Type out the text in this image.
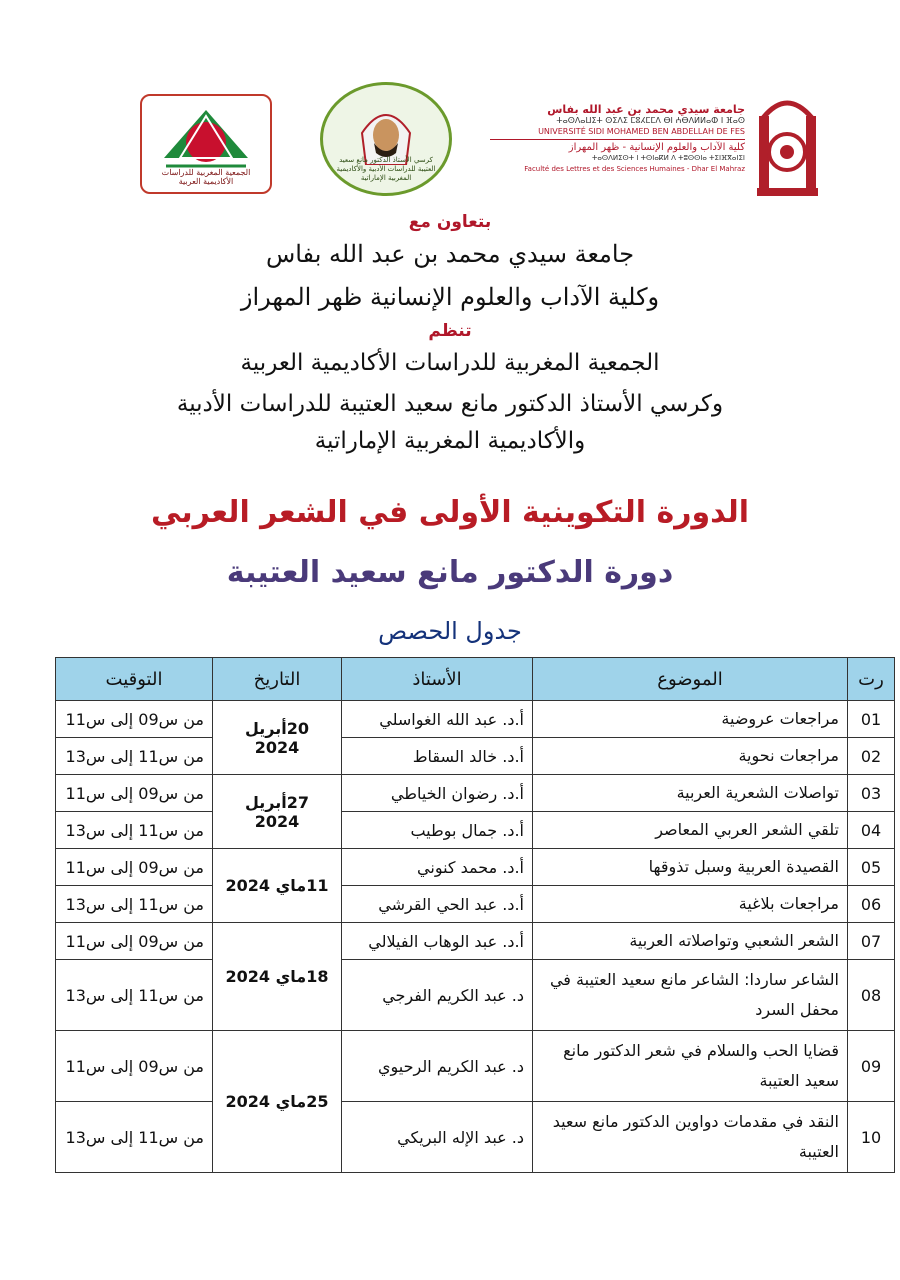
الجمعية المغربية للدراسات الأكاديمية العربية
كرسي الأستاذ الدكتور مانع سعيد العتيبة للدراسات الأدبية والأكاديمية المغربية الإماراتية
جامعة سيدي محمد بن عبد الله بفاس
ⵜⴰⵙⴷⴰⵡⵉⵜ ⵙⵉⴷⵉ ⵎⵓⵃⵎⵎⴷ ⴱⵏ ⵄⴱⴷⵍⵍⴰⵀ ⵏ ⴼⴰⵙ
UNIVERSITÉ SIDI MOHAMED BEN ABDELLAH DE FES
كلية الآداب والعلوم الإنسانية - ظهر المهراز
ⵜⴰⵙⴷⵍⵉⵙⵜ ⵏ ⵜⵙⵏⴰⴽⵍ ⴷ ⵜⵓⵙⵙⵏⴰ ⵜⵉⵏⴼⴳⴰⵏⵉⵏ
Faculté des Lettres et des Sciences Humaines - Dhar El Mahraz
بتعاون مع
جامعة سيدي محمد بن عبد الله بفاس
وكلية الآداب والعلوم الإنسانية ظهر المهراز
تنظم
الجمعية المغربية للدراسات الأكاديمية العربية
وكرسي الأستاذ الدكتور مانع سعيد العتيبة للدراسات الأدبية
والأكاديمية المغربية الإماراتية
الدورة التكوينية الأولى في الشعر العربي
دورة الدكتور مانع سعيد العتيبة
جدول الحصص
رت	الموضوع	الأستاذ	التاريخ	التوقيت
01	مراجعات عروضية	أ.د. عبد الله الغواسلي	20أبريل 2024	من س09 إلى س11
02	مراجعات نحوية	أ.د. خالد السقاط		من س11 إلى س13
03	تواصلات الشعرية العربية	أ.د. رضوان الخياطي	27أبريل 2024	من س09 إلى س11
04	تلقي الشعر العربي المعاصر	أ.د. جمال بوطيب		من س11 إلى س13
05	القصيدة العربية وسبل تذوقها	أ.د. محمد كنوني	11ماي 2024	من س09 إلى س11
06	مراجعات بلاغية	أ.د. عبد الحي القرشي		من س11 إلى س13
07	الشعر الشعبي وتواصلاته العربية	أ.د. عبد الوهاب الفيلالي	18ماي 2024	من س09 إلى س11
08	الشاعر ساردا: الشاعر مانع سعيد العتيبة في محفل السرد	د. عبد الكريم الفرجي		من س11 إلى س13
09	قضايا الحب والسلام في شعر الدكتور مانع سعيد العتيبة	د. عبد الكريم الرحيوي	25ماي 2024	من س09 إلى س11
10	النقد في مقدمات دواوين الدكتور مانع سعيد العتيبة	د. عبد الإله البريكي		من س11 إلى س13
